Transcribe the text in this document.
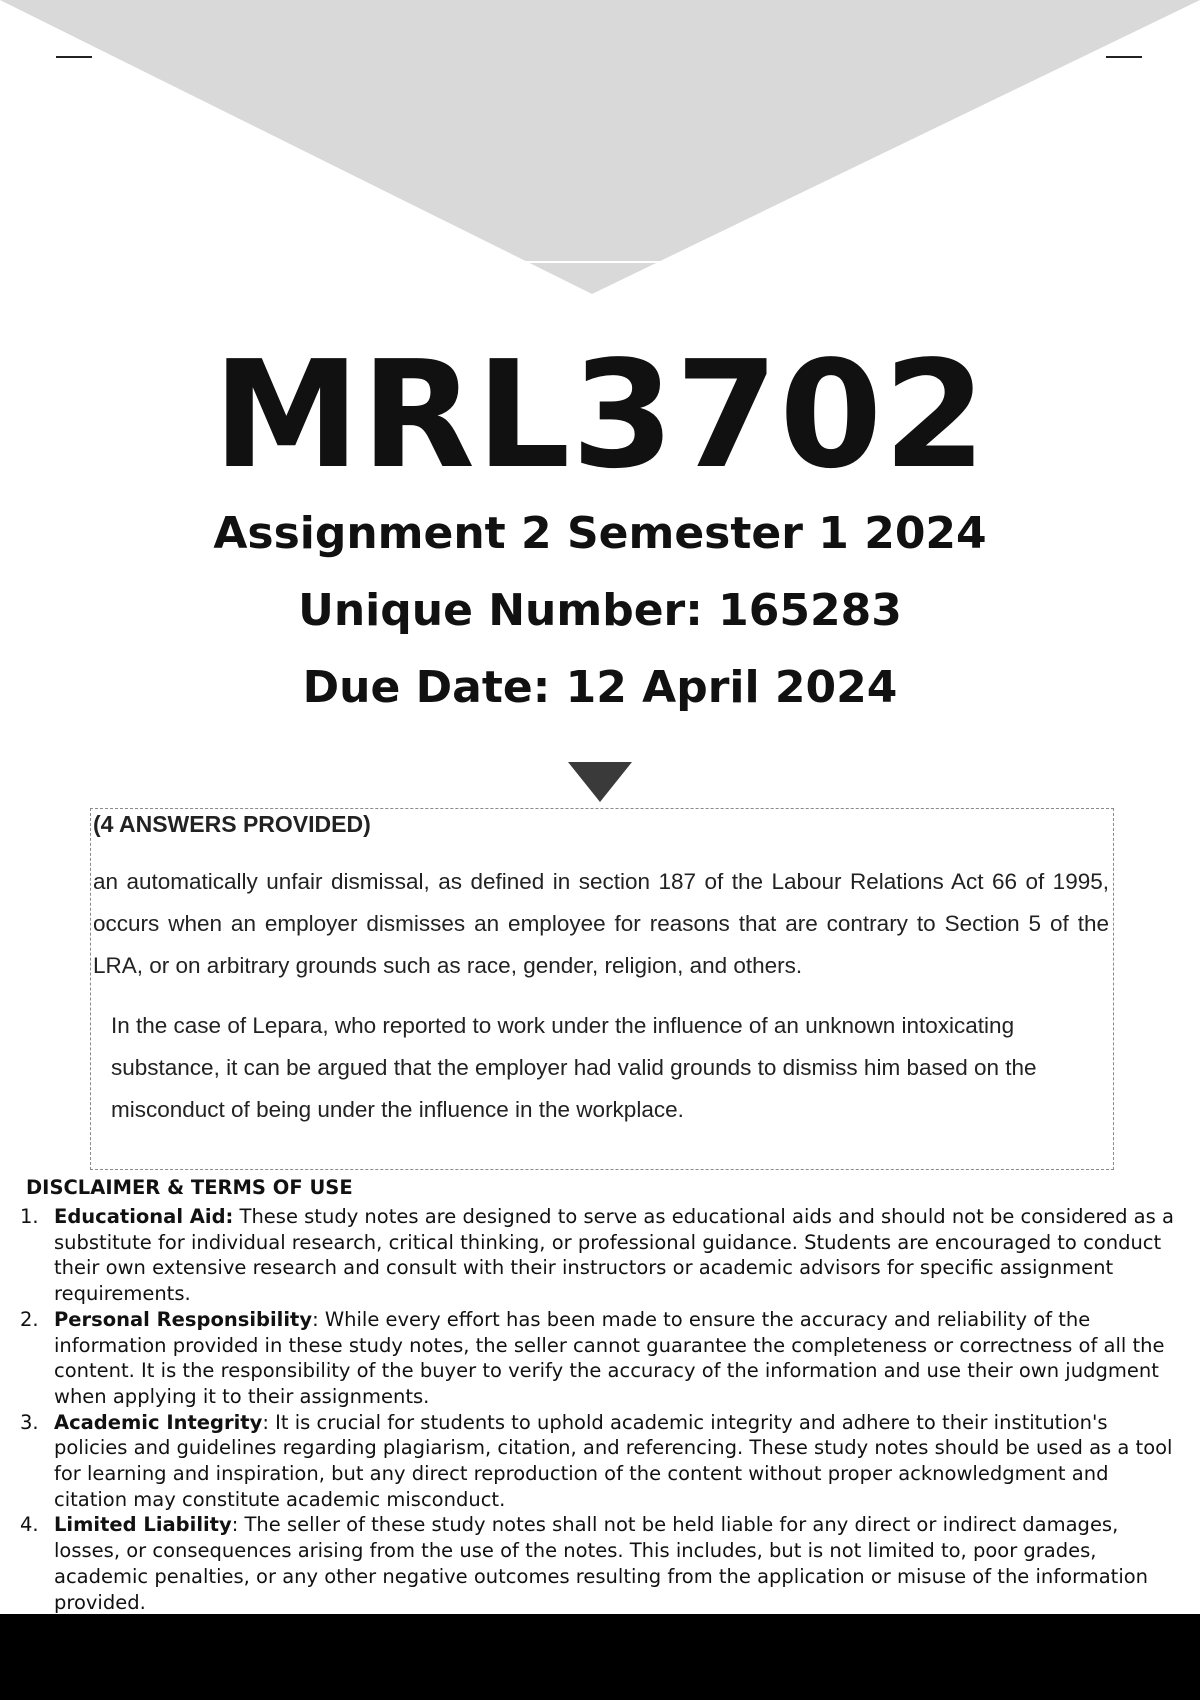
MRL3702
Assignment 2 Semester 1 2024
Unique Number: 165283
Due Date: 12 April 2024
(4 ANSWERS PROVIDED)
an automatically unfair dismissal, as defined in section 187 of the Labour Relations Act 66 of 1995, occurs when an employer dismisses an employee for reasons that are contrary to Section 5 of the LRA, or on arbitrary grounds such as race, gender, religion, and others.
In the case of Lepara, who reported to work under the influence of an unknown intoxicating substance, it can be argued that the employer had valid grounds to dismiss him based on the misconduct of being under the influence in the workplace.
DISCLAIMER & TERMS OF USE
1. Educational Aid: These study notes are designed to serve as educational aids and should not be considered as a substitute for individual research, critical thinking, or professional guidance. Students are encouraged to conduct their own extensive research and consult with their instructors or academic advisors for specific assignment requirements.
2. Personal Responsibility: While every effort has been made to ensure the accuracy and reliability of the information provided in these study notes, the seller cannot guarantee the completeness or correctness of all the content. It is the responsibility of the buyer to verify the accuracy of the information and use their own judgment when applying it to their assignments.
3. Academic Integrity: It is crucial for students to uphold academic integrity and adhere to their institution's policies and guidelines regarding plagiarism, citation, and referencing. These study notes should be used as a tool for learning and inspiration, but any direct reproduction of the content without proper acknowledgment and citation may constitute academic misconduct.
4. Limited Liability: The seller of these study notes shall not be held liable for any direct or indirect damages, losses, or consequences arising from the use of the notes. This includes, but is not limited to, poor grades, academic penalties, or any other negative outcomes resulting from the application or misuse of the information provided.
